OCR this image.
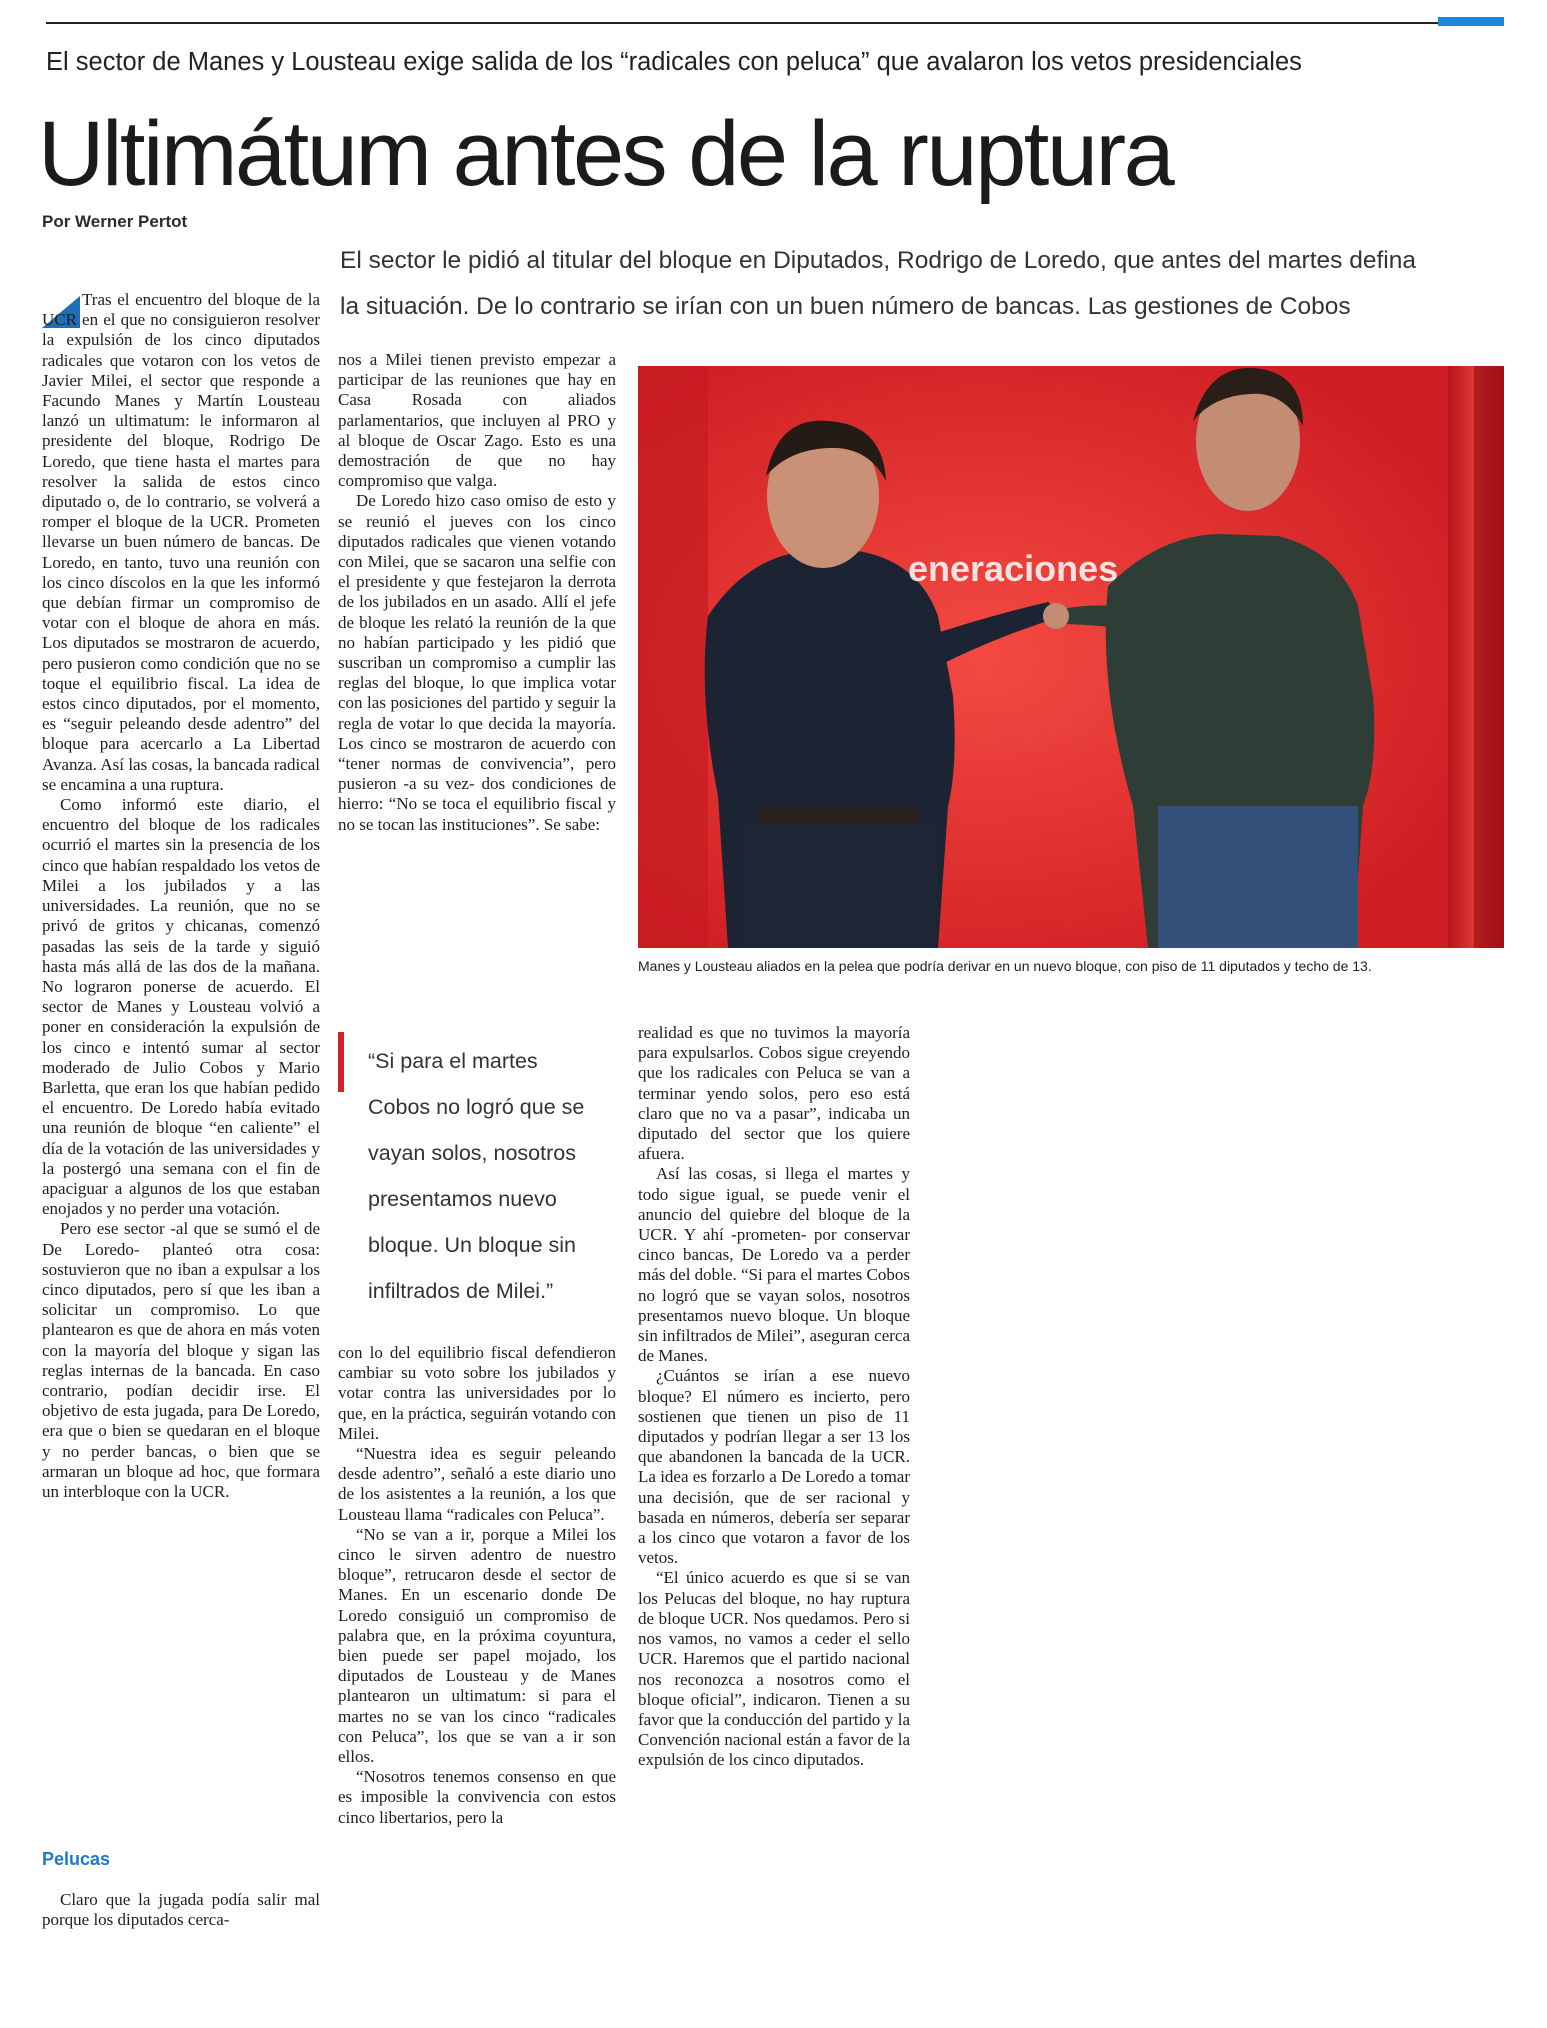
El sector de Manes y Lousteau exige salida de los “radicales con peluca” que avalaron los vetos presidenciales
Ultimátum antes de la ruptura
Por Werner Pertot
El sector le pidió al titular del bloque en Diputados, Rodrigo de Loredo, que antes del martes defina
la situación. De lo contrario se irían con un buen número de bancas. Las gestiones de Cobos

Tras el encuentro del bloque de la UCR en el que no consiguieron resolver la expulsión de los cinco diputados radicales que votaron con los vetos de Javier Milei, el sector que responde a Facundo Manes y Martín Lousteau lanzó un ultimatum: le informaron al presidente del bloque, Rodrigo De Loredo, que tiene hasta el martes para resolver la salida de estos cinco diputado o, de lo contrario, se volverá a romper el bloque de la UCR. Prometen llevarse un buen número de bancas. De Loredo, en tanto, tuvo una reunión con los cinco díscolos en la que les informó que debían firmar un compromiso de votar con el bloque de ahora en más. Los diputados se mostraron de acuerdo, pero pusieron como condición que no se toque el equilibrio fiscal. La idea de estos cinco diputados, por el momento, es “seguir peleando desde adentro” del bloque para acercarlo a La Libertad Avanza. Así las cosas, la bancada radical se encamina a una ruptura.

Como informó este diario, el encuentro del bloque de los radicales ocurrió el martes sin la presencia de los cinco que habían respaldado los vetos de Milei a los jubilados y a las universidades. La reunión, que no se privó de gritos y chicanas, comenzó pasadas las seis de la tarde y siguió hasta más allá de las dos de la mañana. No lograron ponerse de acuerdo. El sector de Manes y Lousteau volvió a poner en consideración la expulsión de los cinco e intentó sumar al sector moderado de Julio Cobos y Mario Barletta, que eran los que habían pedido el encuentro. De Loredo había evitado una reunión de bloque “en caliente” el día de la votación de las universidades y la postergó una semana con el fin de apaciguar a algunos de los que estaban enojados y no perder una votación.

Pero ese sector -al que se sumó el de De Loredo- planteó otra cosa: sostuvieron que no iban a expulsar a los cinco diputados, pero sí que les iban a solicitar un compromiso. Lo que plantearon es que de ahora en más voten con la mayoría del bloque y sigan las reglas internas de la bancada. En caso contrario, podían decidir irse. El objetivo de esta jugada, para De Loredo, era que o bien se quedaran en el bloque y no perder bancas, o bien que se armaran un bloque ad hoc, que formara un interbloque con la UCR.

Pelucas

Claro que la jugada podía salir mal porque los diputados cerca-

nos a Milei tienen previsto empezar a participar de las reuniones que hay en Casa Rosada con aliados parlamentarios, que incluyen al PRO y al bloque de Oscar Zago. Esto es una demostración de que no hay compromiso que valga.

De Loredo hizo caso omiso de esto y se reunió el jueves con los cinco diputados radicales que vienen votando con Milei, que se sacaron una selfie con el presidente y que festejaron la derrota de los jubilados en un asado. Allí el jefe de bloque les relató la reunión de la que no habían participado y les pidió que suscriban un compromiso a cumplir las reglas del bloque, lo que implica votar con las posiciones del partido y seguir la regla de votar lo que decida la mayoría. Los cinco se mostraron de acuerdo con “tener normas de convivencia”, pero pusieron -a su vez- dos condiciones de hierro: “No se toca el equilibrio fiscal y no se tocan las instituciones”. Se sabe:

“Si para el martes
Cobos no logró que se
vayan solos, nosotros
presentamos nuevo
bloque. Un bloque sin
infiltrados de Milei.”

con lo del equilibrio fiscal defendieron cambiar su voto sobre los jubilados y votar contra las universidades por lo que, en la práctica, seguirán votando con Milei.

“Nuestra idea es seguir peleando desde adentro”, señaló a este diario uno de los asistentes a la reunión, a los que Lousteau llama “radicales con Peluca”.

“No se van a ir, porque a Milei los cinco le sirven adentro de nuestro bloque”, retrucaron desde el sector de Manes. En un escenario donde De Loredo consiguió un compromiso de palabra que, en la próxima coyuntura, bien puede ser papel mojado, los diputados de Lousteau y de Manes plantearon un ultimatum: si para el martes no se van los cinco “radicales con Peluca”, los que se van a ir son ellos.

“Nosotros tenemos consenso en que es imposible la convivencia con estos cinco libertarios, pero la

eneraciones
Manes y Lousteau aliados en la pelea que podría derivar en un nuevo bloque, con piso de 11 diputados y techo de 13.

realidad es que no tuvimos la mayoría para expulsarlos. Cobos sigue creyendo que los radicales con Peluca se van a terminar yendo solos, pero eso está claro que no va a pasar”, indicaba un diputado del sector que los quiere afuera.

Así las cosas, si llega el martes y todo sigue igual, se puede venir el anuncio del quiebre del bloque de la UCR. Y ahí -prometen- por conservar cinco bancas, De Loredo va a perder más del doble. “Si para el martes Cobos no logró que se vayan solos, nosotros presentamos nuevo bloque. Un bloque sin infiltrados de Milei”, aseguran cerca de Manes.

¿Cuántos se irían a ese nuevo bloque? El número es incierto, pero sostienen que tienen un piso de 11 diputados y podrían llegar a ser 13 los que abandonen la bancada de la UCR. La idea es forzarlo a De Loredo a tomar una decisión, que de ser racional y basada en números, debería ser separar a los cinco que votaron a favor de los vetos.

“El único acuerdo es que si se van los Pelucas del bloque, no hay ruptura de bloque UCR. Nos quedamos. Pero si nos vamos, no vamos a ceder el sello UCR. Haremos que el partido nacional nos reconozca a nosotros como el bloque oficial”, indicaron. Tienen a su favor que la conducción del partido y la Convención nacional están a favor de la expulsión de los cinco diputados.
